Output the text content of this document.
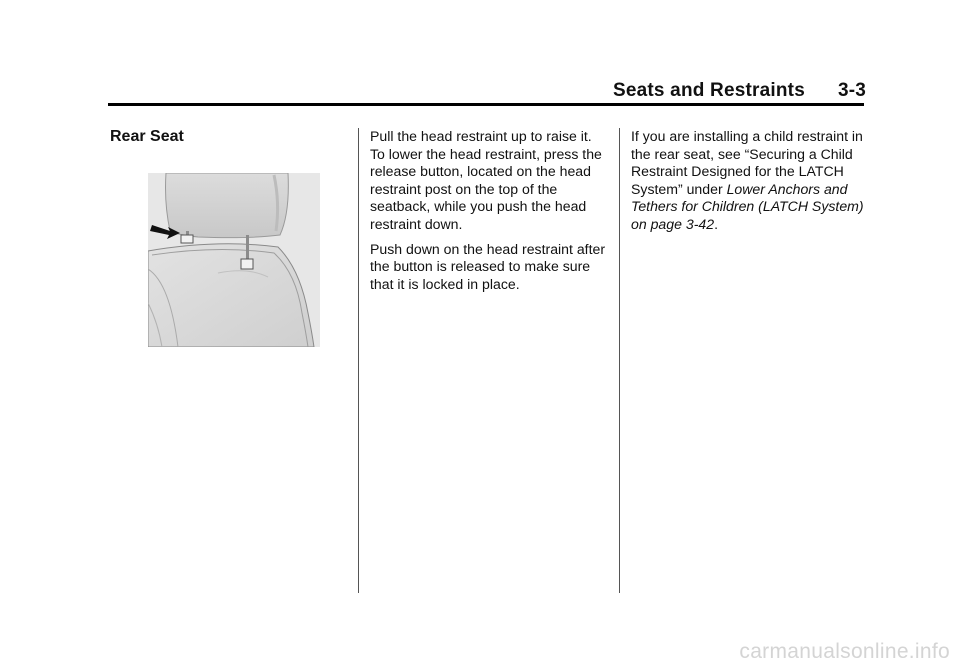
Seats and Restraints 3-3
Rear Seat	Pull the head restraint up to raise it. To lower the head restraint, press the release button, located on the head restraint post on the top of the seatback, while you push the head restraint down.

Push down on the head restraint after the button is released to make sure that it is locked in place.

If you are installing a child restraint in the rear seat, see “Securing a Child Restraint Designed for the LATCH System” under Lower Anchors and Tethers for Children (LATCH System) on page 3-42.

carmanualsonline.info
